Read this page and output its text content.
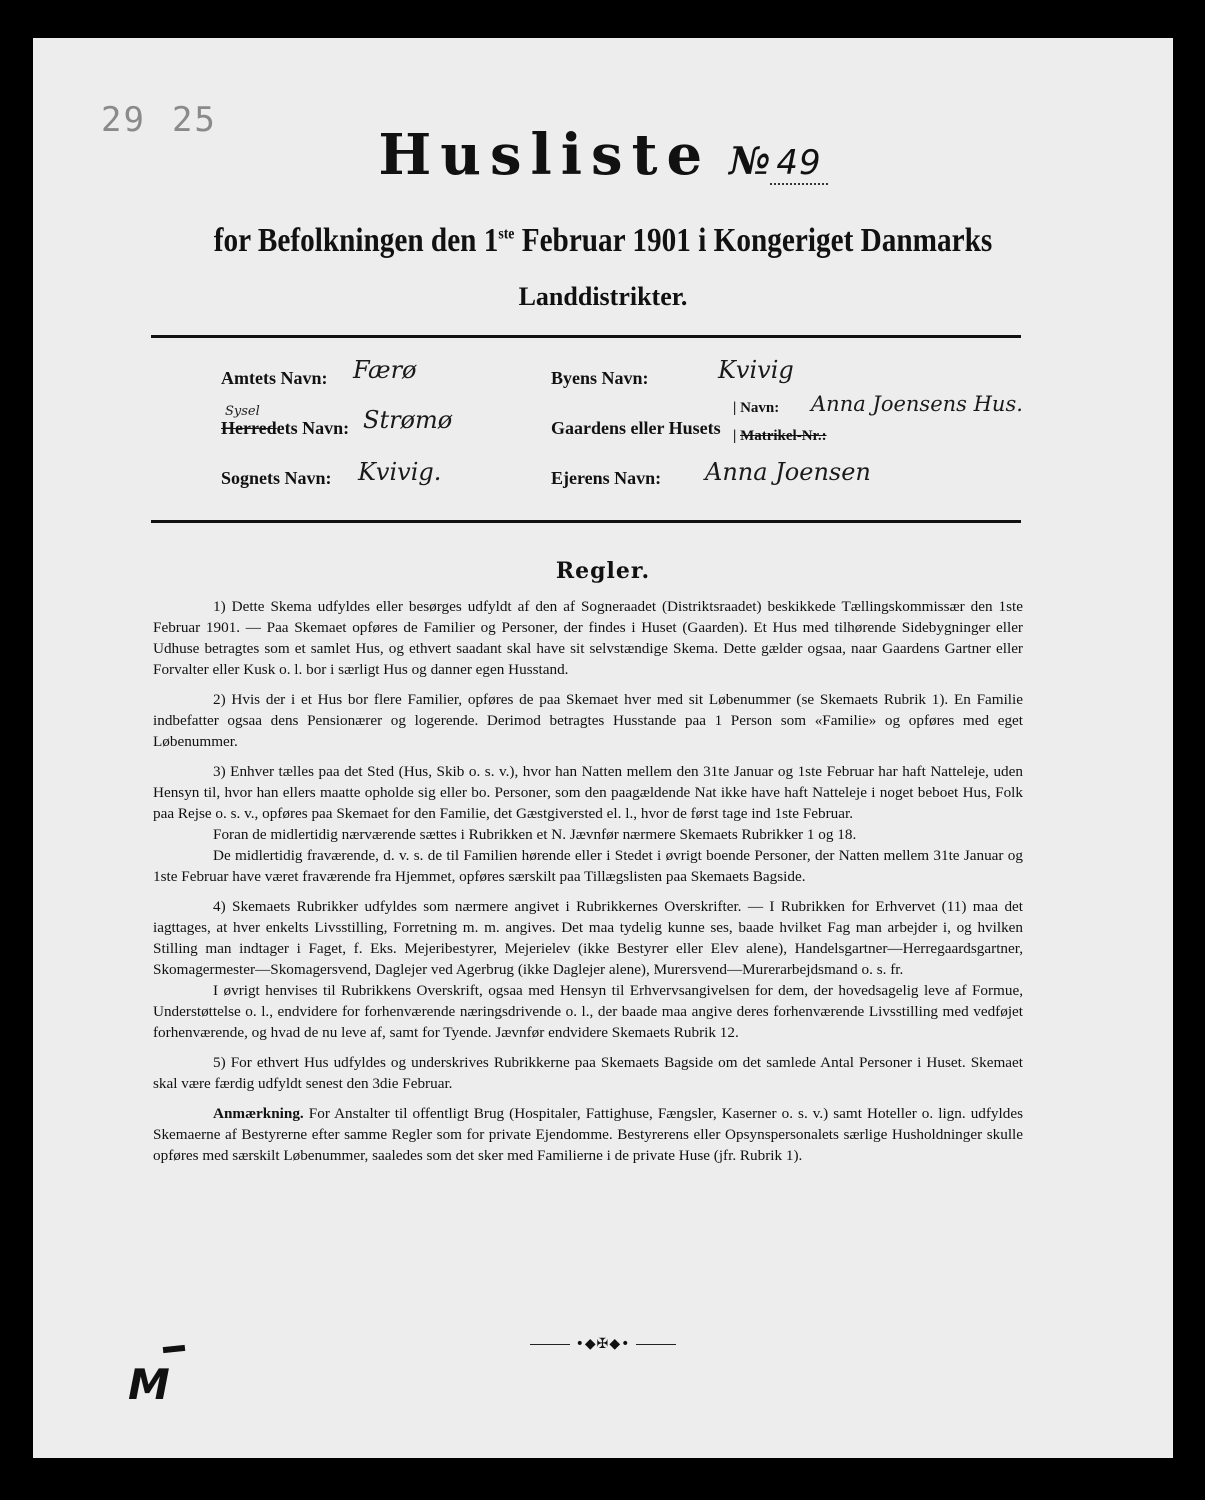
29 25
Husliste № 49
for Befolkningen den 1ste Februar 1901 i Kongeriget Danmarks
Landdistrikter.
Amtets Navn: Færø
Sysel
Herredets Navn: Strømø
Sognets Navn: Kvivig.
Byens Navn:	Kvivig
Gaardens eller Husets
| Navn: Anna Joensens Hus.
| Matrikel-Nr.:
Ejerens Navn: Anna Joensen
Regler.

1) Dette Skema udfyldes eller besørges udfyldt af den af Sogneraadet (Distriktsraadet) beskikkede Tællingskommissær den 1ste Februar 1901. — Paa Skemaet opføres de Familier og Personer, der findes i Huset (Gaarden). Et Hus med tilhørende Sidebygninger eller Udhuse betragtes som et samlet Hus, og ethvert saadant skal have sit selvstændige Skema. Dette gælder ogsaa, naar Gaardens Gartner eller Forvalter eller Kusk o. l. bor i særligt Hus og danner egen Husstand.

2) Hvis der i et Hus bor flere Familier, opføres de paa Skemaet hver med sit Løbenummer (se Skemaets Rubrik 1). En Familie indbefatter ogsaa dens Pensionærer og logerende. Derimod betragtes Husstande paa 1 Person som «Familie» og opføres med eget Løbenummer.

3) Enhver tælles paa det Sted (Hus, Skib o. s. v.), hvor han Natten mellem den 31te Januar og 1ste Februar har haft Natteleje, uden Hensyn til, hvor han ellers maatte opholde sig eller bo. Personer, som den paagældende Nat ikke have haft Natteleje i noget beboet Hus, Folk paa Rejse o. s. v., opføres paa Skemaet for den Familie, det Gæstgiversted el. l., hvor de først tage ind 1ste Februar.

Foran de midlertidig nærværende sættes i Rubrikken et N. Jævnfør nærmere Skemaets Rubrikker 1 og 18.

De midlertidig fraværende, d. v. s. de til Familien hørende eller i Stedet i øvrigt boende Personer, der Natten mellem 31te Januar og 1ste Februar have været fraværende fra Hjemmet, opføres særskilt paa Tillægslisten paa Skemaets Bagside.

4) Skemaets Rubrikker udfyldes som nærmere angivet i Rubrikkernes Overskrifter. — I Rubrikken for Erhvervet (11) maa det iagttages, at hver enkelts Livsstilling, Forretning m. m. angives. Det maa tydelig kunne ses, baade hvilket Fag man arbejder i, og hvilken Stilling man indtager i Faget, f. Eks. Mejeribestyrer, Mejerielev (ikke Bestyrer eller Elev alene), Handelsgartner—Herregaardsgartner, Skomagermester—Skomagersvend, Daglejer ved Agerbrug (ikke Daglejer alene), Murersvend—Murerarbejdsmand o. s. fr.

I øvrigt henvises til Rubrikkens Overskrift, ogsaa med Hensyn til Erhvervsangivelsen for dem, der hovedsagelig leve af Formue, Understøttelse o. l., endvidere for forhenværende næringsdrivende o. l., der baade maa angive deres forhenværende Livsstilling med vedføjet forhenværende, og hvad de nu leve af, samt for Tyende. Jævnfør endvidere Skemaets Rubrik 12.

5) For ethvert Hus udfyldes og underskrives Rubrikkerne paa Skemaets Bagside om det samlede Antal Personer i Huset. Skemaet skal være færdig udfyldt senest den 3die Februar.

Anmærkning. For Anstalter til offentligt Brug (Hospitaler, Fattighuse, Fængsler, Kaserner o. s. v.) samt Hoteller o. lign. udfyldes Skemaerne af Bestyrerne efter samme Regler som for private Ejendomme. Bestyrerens eller Opsynspersonalets særlige Husholdninger skulle opføres med særskilt Løbenummer, saaledes som det sker med Familierne i de private Huse (jfr. Rubrik 1).

•◆✠◆•
M
